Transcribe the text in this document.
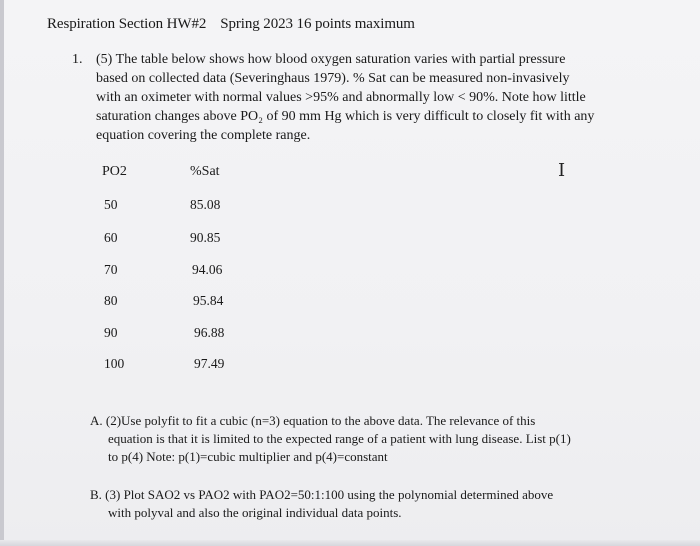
Respiration Section HW#2 Spring 2023 16 points maximum
1. (5) The table below shows how blood oxygen saturation varies with partial pressure
based on collected data (Severinghaus 1979). % Sat can be measured non-invasively
with an oximeter with normal values >95% and abnormally low < 90%. Note how little
saturation changes above PO₂ of 90 mm Hg which is very difficult to closely fit with any
equation covering the complete range.
PO2	%Sat	I
50	85.08
60	90.85
70	94.06
80	95.84
90	96.88
100	97.49
A. (2)Use polyfit to fit a cubic (n=3) equation to the above data. The relevance of this
equation is that it is limited to the expected range of a patient with lung disease. List p(1)
to p(4) Note: p(1)=cubic multiplier and p(4)=constant
B. (3) Plot SAO2 vs PAO2 with PAO2=50:1:100 using the polynomial determined above
with polyval and also the original individual data points.
